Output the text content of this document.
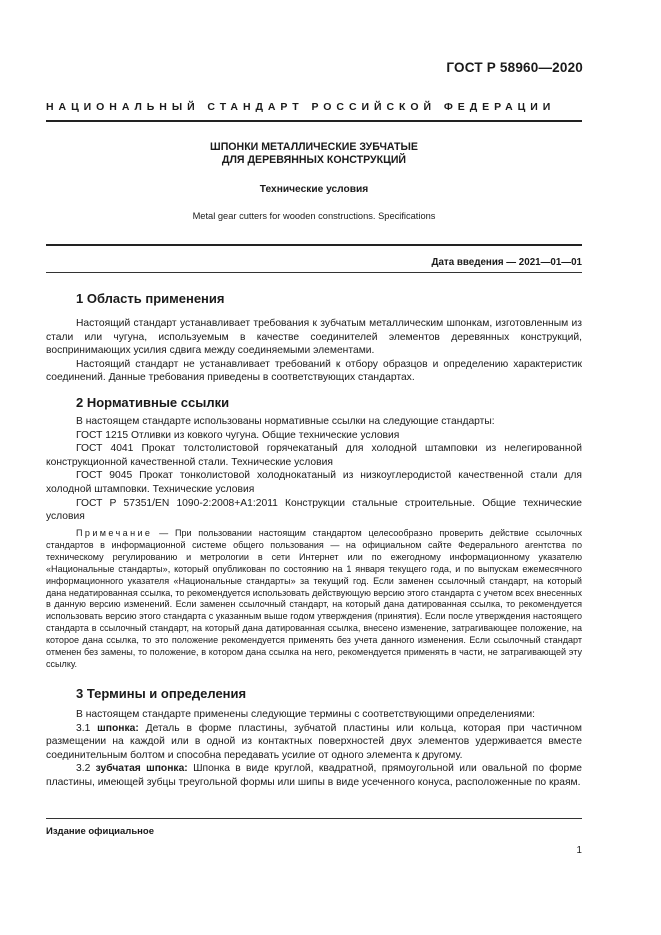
ГОСТ Р 58960—2020
НАЦИОНАЛЬНЫЙ СТАНДАРТ РОССИЙСКОЙ ФЕДЕРАЦИИ
ШПОНКИ МЕТАЛЛИЧЕСКИЕ ЗУБЧАТЫЕ
ДЛЯ ДЕРЕВЯННЫХ КОНСТРУКЦИЙ
Технические условия
Metal gear cutters for wooden constructions. Specifications
Дата введения — 2021—01—01
1 Область применения

Настоящий стандарт устанавливает требования к зубчатым металлическим шпонкам, изготовленным из стали или чугуна, используемым в качестве соединителей элементов деревянных конструкций, воспринимающих усилия сдвига между соединяемыми элементами.

Настоящий стандарт не устанавливает требований к отбору образцов и определению характеристик соединений. Данные требования приведены в соответствующих стандартах.

2 Нормативные ссылки

В настоящем стандарте использованы нормативные ссылки на следующие стандарты:

ГОСТ 1215 Отливки из ковкого чугуна. Общие технические условия

ГОСТ 4041 Прокат толстолистовой горячекатаный для холодной штамповки из нелегированной конструкционной качественной стали. Технические условия

ГОСТ 9045 Прокат тонколистовой холоднокатаный из низкоуглеродистой качественной стали для холодной штамповки. Технические условия

ГОСТ Р 57351/EN 1090-2:2008+A1:2011 Конструкции стальные строительные. Общие технические условия

Примечание — При пользовании настоящим стандартом целесообразно проверить действие ссылочных стандартов в информационной системе общего пользования — на официальном сайте Федерального агентства по техническому регулированию и метрологии в сети Интернет или по ежегодному информационному указателю «Национальные стандарты», который опубликован по состоянию на 1 января текущего года, и по выпускам ежемесячного информационного указателя «Национальные стандарты» за текущий год. Если заменен ссылочный стандарт, на который дана недатированная ссылка, то рекомендуется использовать действующую версию этого стандарта с учетом всех внесенных в данную версию изменений. Если заменен ссылочный стандарт, на который дана датированная ссылка, то рекомендуется использовать версию этого стандарта с указанным выше годом утверждения (принятия). Если после утверждения настоящего стандарта в ссылочный стандарт, на который дана датированная ссылка, внесено изменение, затрагивающее положение, на которое дана ссылка, то это положение рекомендуется применять без учета данного изменения. Если ссылочный стандарт отменен без замены, то положение, в котором дана ссылка на него, рекомендуется применять в части, не затрагивающей эту ссылку.

3 Термины и определения

В настоящем стандарте применены следующие термины с соответствующими определениями:

3.1 шпонка: Деталь в форме пластины, зубчатой пластины или кольца, которая при частичном размещении на каждой или в одной из контактных поверхностей двух элементов удерживается вместе соединительным болтом и способна передавать усилие от одного элемента к другому.

3.2 зубчатая шпонка: Шпонка в виде круглой, квадратной, прямоугольной или овальной по форме пластины, имеющей зубцы треугольной формы или шипы в виде усеченного конуса, расположенные по краям.

Издание официальное
1
